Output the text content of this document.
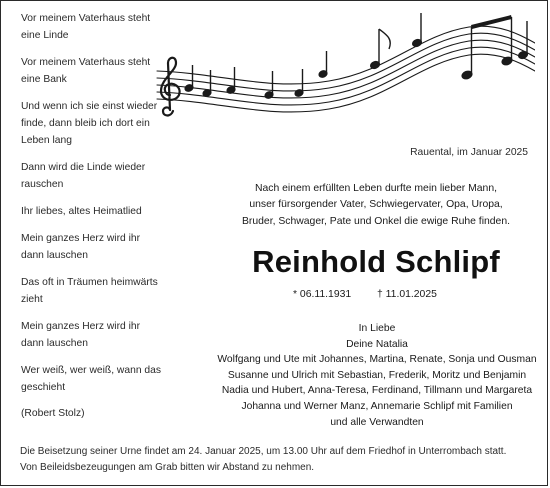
Vor meinem Vaterhaus steht
eine Linde
Vor meinem Vaterhaus steht
eine Bank
Und wenn ich sie einst wieder
finde, dann bleib ich dort ein
Leben lang
Dann wird die Linde wieder
rauschen
Ihr liebes, altes Heimatlied
Mein ganzes Herz wird ihr
dann lauschen
Das oft in Träumen heimwärts
zieht
Mein ganzes Herz wird ihr
dann lauschen
Wer weiß, wer weiß, wann das
geschieht
(Robert Stolz)
Rauental, im Januar 2025
Nach einem erfüllten Leben durfte mein lieber Mann,
unser fürsorgender Vater, Schwiegervater, Opa, Uropa,
Bruder, Schwager, Pate und Onkel die ewige Ruhe finden.
Reinhold Schlipf
* 06.11.1931 † 11.01.2025
In Liebe
Deine Natalia
Wolfgang und Ute mit Johannes, Martina, Renate, Sonja und Ousman
Susanne und Ulrich mit Sebastian, Frederik, Moritz und Benjamin
Nadia und Hubert, Anna-Teresa, Ferdinand, Tillmann und Margareta
Johanna und Werner Manz, Annemarie Schlipf mit Familien
und alle Verwandten
Die Beisetzung seiner Urne findet am 24. Januar 2025, um 13.00 Uhr auf dem Friedhof in Unterrombach statt.
Von Beileidsbezeugungen am Grab bitten wir Abstand zu nehmen.
